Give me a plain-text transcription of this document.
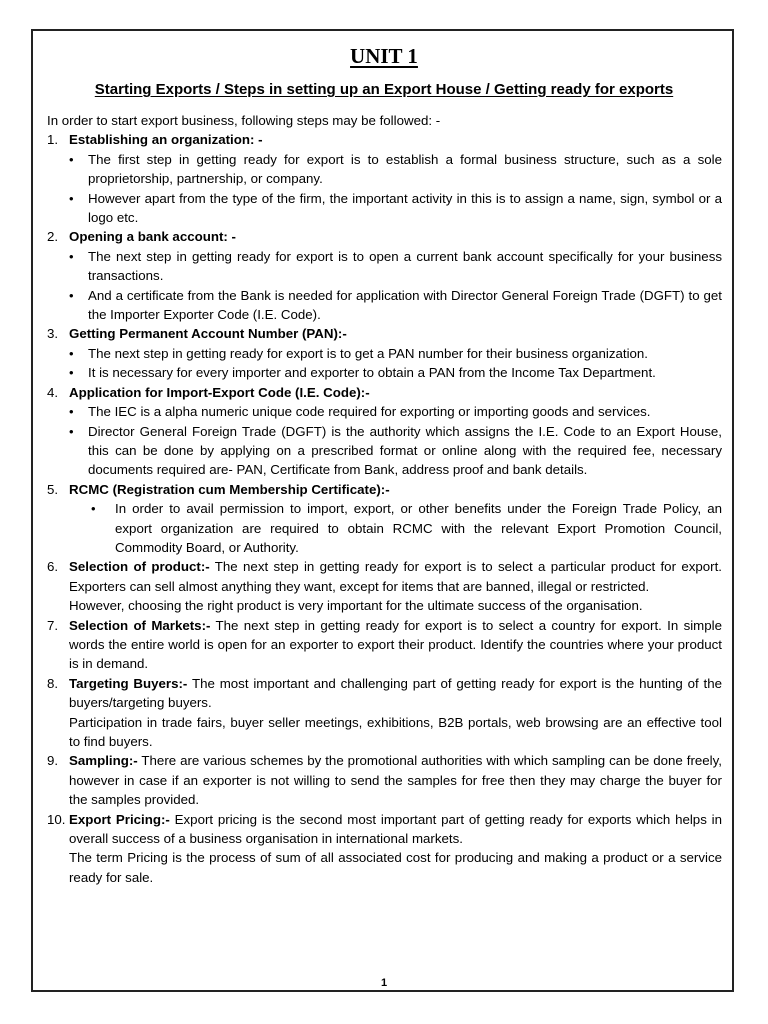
UNIT 1
Starting Exports / Steps in setting up an Export House / Getting ready for exports

In order to start export business, following steps may be followed: -

1. Establishing an organization: -

• The first step in getting ready for export is to establish a formal business structure, such as a sole proprietorship, partnership, or company.
• However apart from the type of the firm, the important activity in this is to assign a name, sign, symbol or a logo etc.
2. Opening a bank account: -

• The next step in getting ready for export is to open a current bank account specifically for your business transactions.
• And a certificate from the Bank is needed for application with Director General Foreign Trade (DGFT) to get the Importer Exporter Code (I.E. Code).
3. Getting Permanent Account Number (PAN):-

• The next step in getting ready for export is to get a PAN number for their business organization.
• It is necessary for every importer and exporter to obtain a PAN from the Income Tax Department.
4. Application for Import-Export Code (I.E. Code):-

• The IEC is a alpha numeric unique code required for exporting or importing goods and services.
• Director General Foreign Trade (DGFT) is the authority which assigns the I.E. Code to an Export House, this can be done by applying on a prescribed format or online along with the required fee, necessary documents required are- PAN, Certificate from Bank, address proof and bank details.
5. RCMC (Registration cum Membership Certificate):-

• In order to avail permission to import, export, or other benefits under the Foreign Trade Policy, an export organization are required to obtain RCMC with the relevant Export Promotion Council, Commodity Board, or Authority.
6. Selection of product:- The next step in getting ready for export is to select a particular product for export. Exporters can sell almost anything they want, except for items that are banned, illegal or restricted.

However, choosing the right product is very important for the ultimate success of the organisation.

7. Selection of Markets:- The next step in getting ready for export is to select a country for export. In simple words the entire world is open for an exporter to export their product. Identify the countries where your product is in demand.

8. Targeting Buyers:- The most important and challenging part of getting ready for export is the hunting of the buyers/targeting buyers.

Participation in trade fairs, buyer seller meetings, exhibitions, B2B portals, web browsing are an effective tool to find buyers.

9. Sampling:- There are various schemes by the promotional authorities with which sampling can be done freely, however in case if an exporter is not willing to send the samples for free then they may charge the buyer for the samples provided.

10. Export Pricing:- Export pricing is the second most important part of getting ready for exports which helps in overall success of a business organisation in international markets.

The term Pricing is the process of sum of all associated cost for producing and making a product or a service ready for sale.

1
